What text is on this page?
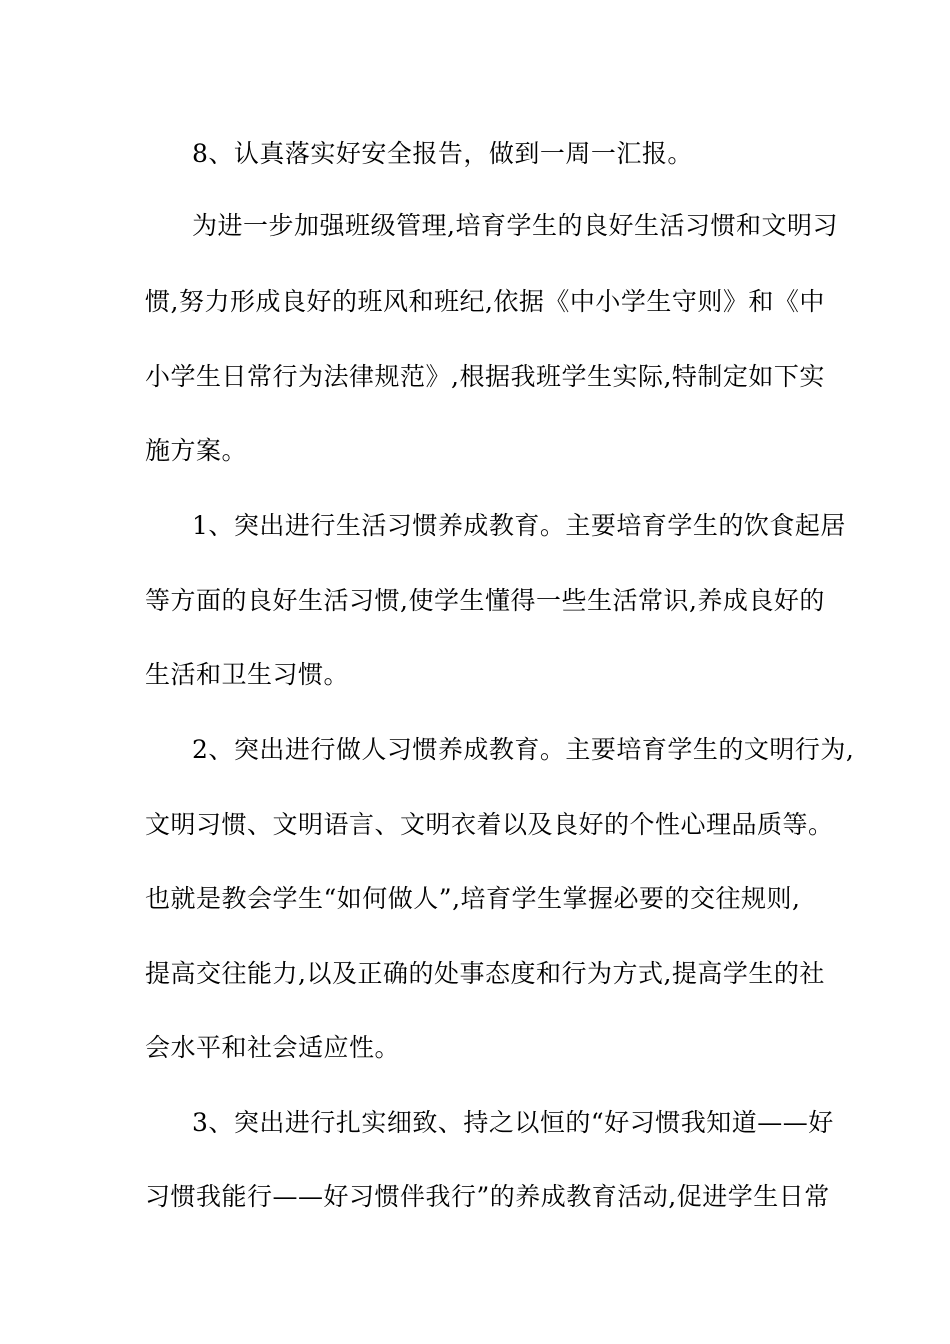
8、认真落实好安全报告，做到一周一汇报。
为进一步加强班级管理,培育学生的良好生活习惯和文明习
惯,努力形成良好的班风和班纪,依据《中小学生守则》和《中
小学生日常行为法律规范》,根据我班学生实际,特制定如下实
施方案。
1、突出进行生活习惯养成教育。主要培育学生的饮食起居
等方面的良好生活习惯,使学生懂得一些生活常识,养成良好的
生活和卫生习惯。
2、突出进行做人习惯养成教育。主要培育学生的文明行为,
文明习惯、文明语言、文明衣着以及良好的个性心理品质等。
也就是教会学生“如何做人”,培育学生掌握必要的交往规则,
提高交往能力,以及正确的处事态度和行为方式,提高学生的社
会水平和社会适应性。
3、突出进行扎实细致、持之以恒的“好习惯我知道——好
习惯我能行——好习惯伴我行”的养成教育活动,促进学生日常
